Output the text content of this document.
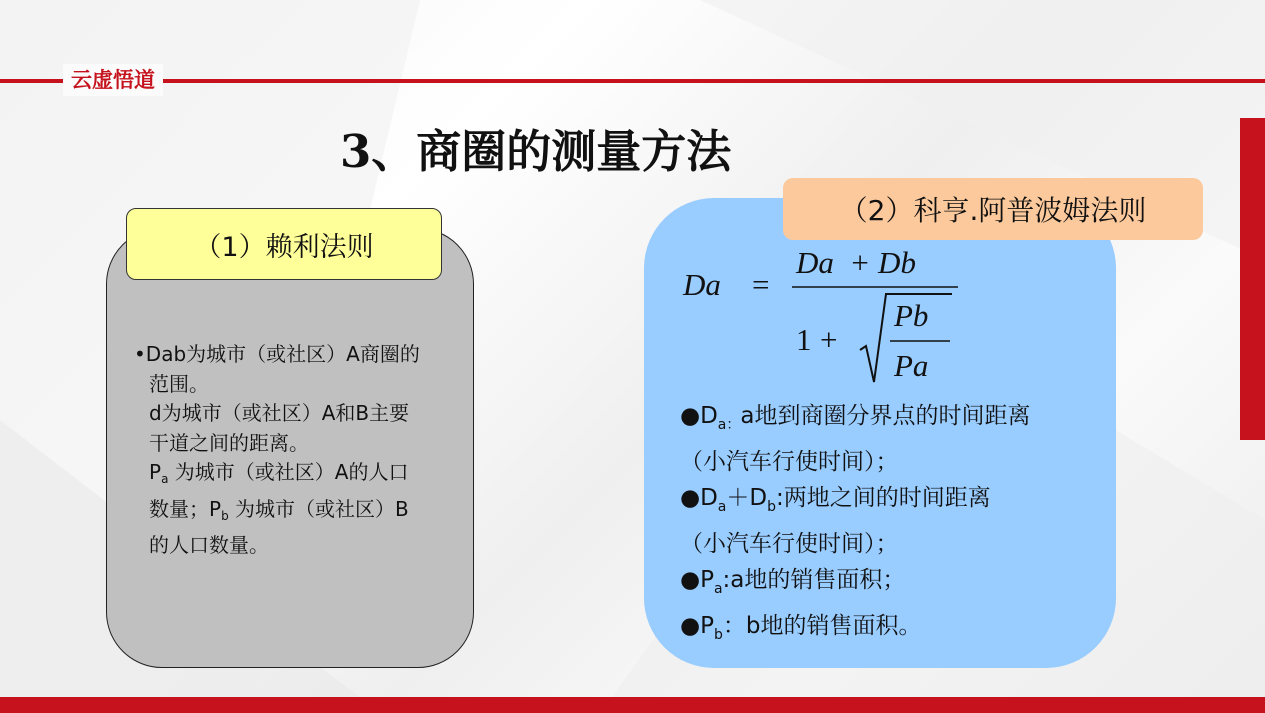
云虚悟道
3、商圈的测量方法
（1）赖利法则
•Dab为城市（或社区）A商圈的
范围。
d为城市（或社区）A和B主要
干道之间的距离。
$P_a$ 为城市（或社区）A的人口
数量；$P_b$ 为城市（或社区）B
的人口数量。
（2）科亨.阿普波姆法则
Da =
Da  + Db
1 +
Pb
Pa
$●D_{a:}a$地到商圈分界点的时间距离
（小汽车行使时间）；
$●D_a+D_b$:两地之间的时间距离
（小汽车行使时间）；
$●P_a:a$地的销售面积；
$●P_b$：b地的销售面积。
